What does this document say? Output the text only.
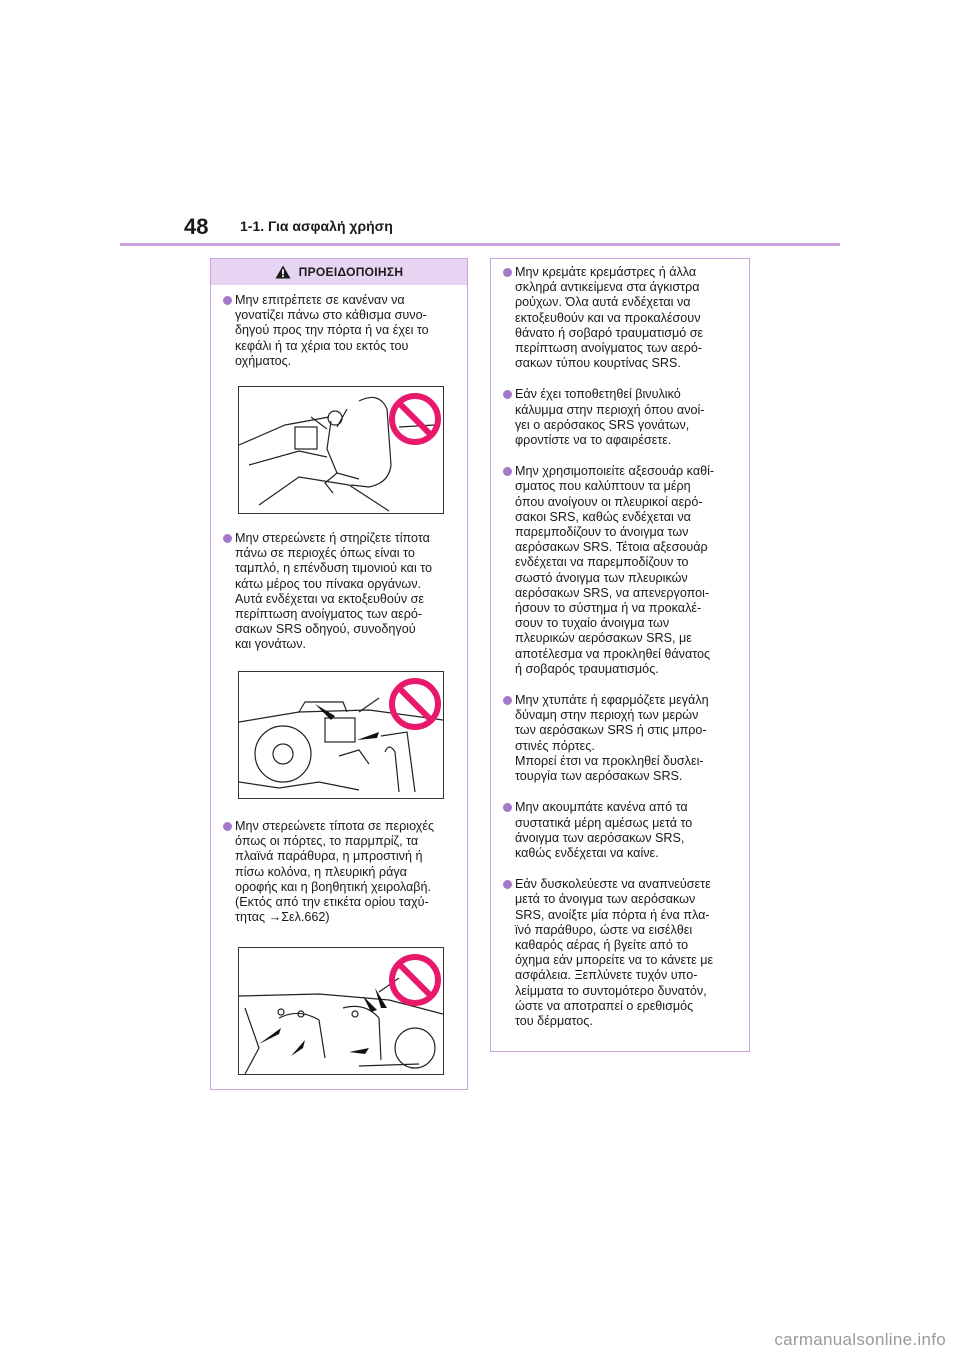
48 1-1. Για ασφαλή χρήση
ΠΡΟΕΙΔΟΠΟΙΗΣΗ
Μην επιτρέπετε σε κανέναν να
γονατίζει πάνω στο κάθισμα συνο-
δηγού προς την πόρτα ή να έχει το
κεφάλι ή τα χέρια του εκτός του
οχήματος.
Μην στερεώνετε ή στηρίζετε τίποτα
πάνω σε περιοχές όπως είναι το
ταμπλό, η επένδυση τιμονιού και το
κάτω μέρος του πίνακα οργάνων.
Αυτά ενδέχεται να εκτοξευθούν σε
περίπτωση ανοίγματος των αερό-
σακων SRS οδηγού, συνοδηγού
και γονάτων.
Μην στερεώνετε τίποτα σε περιοχές
όπως οι πόρτες, το παρμπρίζ, τα
πλαϊνά παράθυρα, η μπροστινή ή
πίσω κολόνα, η πλευρική ράγα
οροφής και η βοηθητική χειρολαβή.
(Εκτός από την ετικέτα ορίου ταχύ-
τητας →Σελ.662)
Μην κρεμάτε κρεμάστρες ή άλλα
σκληρά αντικείμενα στα άγκιστρα
ρούχων. Όλα αυτά ενδέχεται να
εκτοξευθούν και να προκαλέσουν
θάνατο ή σοβαρό τραυματισμό σε
περίπτωση ανοίγματος των αερό-
σακων τύπου κουρτίνας SRS.
Εάν έχει τοποθετηθεί βινυλικό
κάλυμμα στην περιοχή όπου ανοί-
γει ο αερόσακος SRS γονάτων,
φροντίστε να το αφαιρέσετε.
Μην χρησιμοποιείτε αξεσουάρ καθί-
σματος που καλύπτουν τα μέρη
όπου ανοίγουν οι πλευρικοί αερό-
σακοι SRS, καθώς ενδέχεται να
παρεμποδίζουν το άνοιγμα των
αερόσακων SRS. Τέτοια αξεσουάρ
ενδέχεται να παρεμποδίζουν το
σωστό άνοιγμα των πλευρικών
αερόσακων SRS, να απενεργοποι-
ήσουν το σύστημα ή να προκαλέ-
σουν το τυχαίο άνοιγμα των
πλευρικών αερόσακων SRS, με
αποτέλεσμα να προκληθεί θάνατος
ή σοβαρός τραυματισμός.
Μην χτυπάτε ή εφαρμόζετε μεγάλη
δύναμη στην περιοχή των μερών
των αερόσακων SRS ή στις μπρο-
στινές πόρτες.
Μπορεί έτσι να προκληθεί δυσλει-
τουργία των αερόσακων SRS.
Μην ακουμπάτε κανένα από τα
συστατικά μέρη αμέσως μετά το
άνοιγμα των αερόσακων SRS,
καθώς ενδέχεται να καίνε.
Εάν δυσκολεύεστε να αναπνεύσετε
μετά το άνοιγμα των αερόσακων
SRS, ανοίξτε μία πόρτα ή ένα πλα-
ϊνό παράθυρο, ώστε να εισέλθει
καθαρός αέρας ή βγείτε από το
όχημα εάν μπορείτε να το κάνετε με
ασφάλεια. Ξεπλύνετε τυχόν υπο-
λείμματα το συντομότερο δυνατόν,
ώστε να αποτραπεί ο ερεθισμός
του δέρματος.
carmanualsonline.info
